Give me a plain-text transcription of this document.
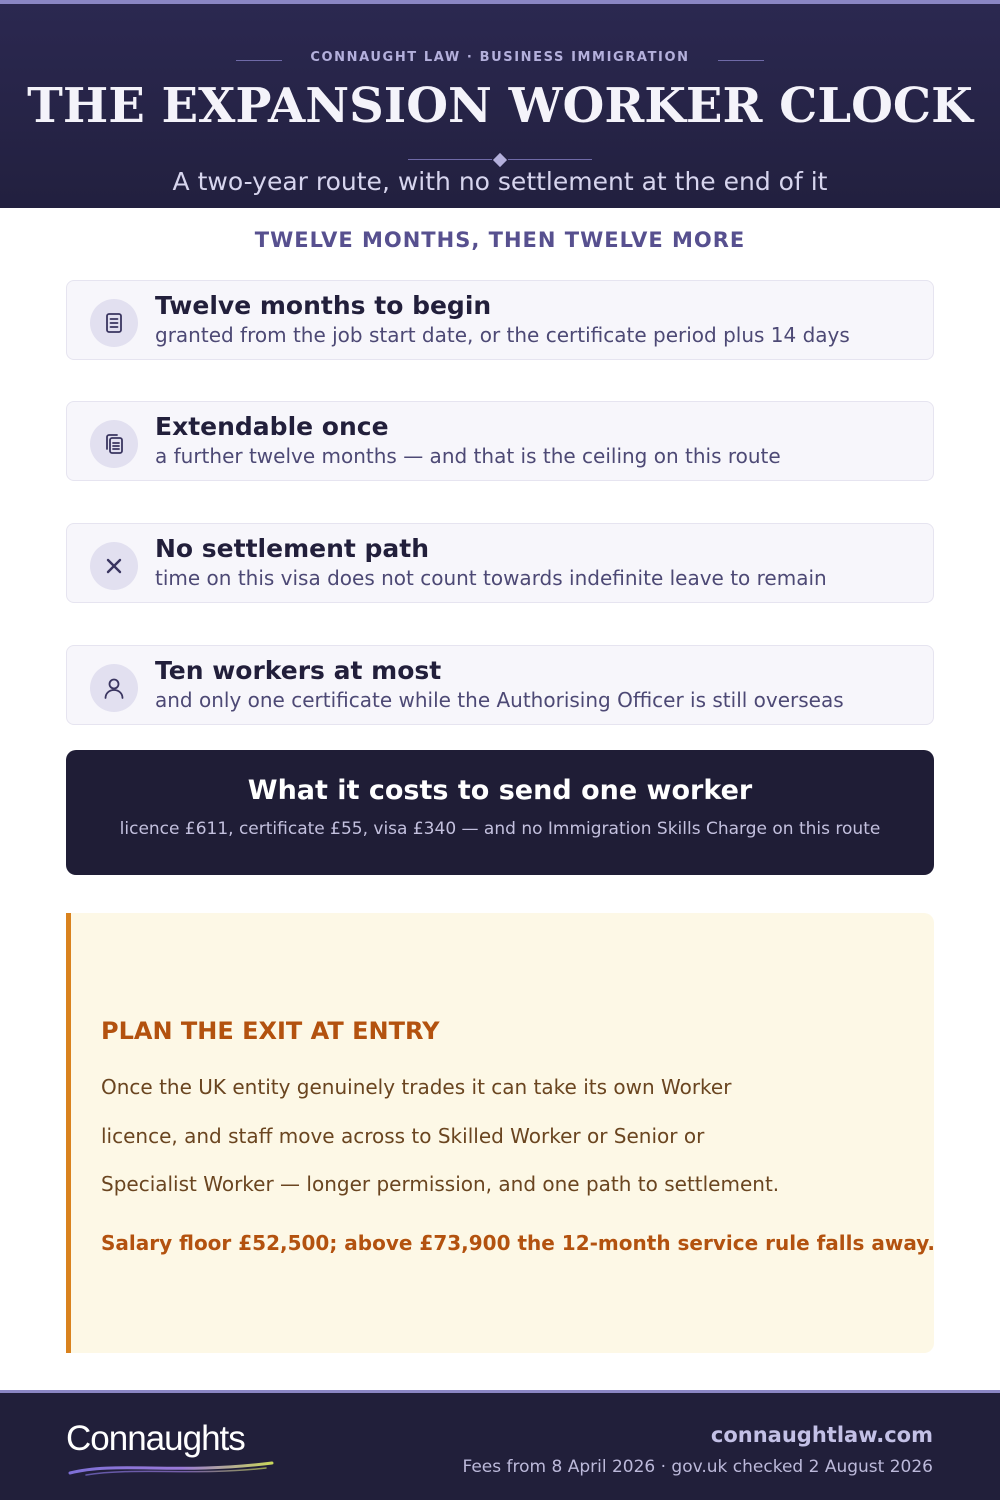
CONNAUGHT LAW · BUSINESS IMMIGRATION
THE EXPANSION WORKER CLOCK
A two-year route, with no settlement at the end of it
TWELVE MONTHS, THEN TWELVE MORE
Twelve months to begin
granted from the job start date, or the certificate period plus 14 days
Extendable once
a further twelve months — and that is the ceiling on this route
No settlement path
time on this visa does not count towards indefinite leave to remain
Ten workers at most
and only one certificate while the Authorising Officer is still overseas
What it costs to send one worker
licence £611, certificate £55, visa £340 — and no Immigration Skills Charge on this route
PLAN THE EXIT AT ENTRY
Once the UK entity genuinely trades it can take its own Worker
licence, and staff move across to Skilled Worker or Senior or
Specialist Worker — longer permission, and one path to settlement.
Salary floor £52,500; above £73,900 the 12-month service rule falls away.
Connaughts	connaughtlaw.com
Fees from 8 April 2026 · gov.uk checked 2 August 2026
